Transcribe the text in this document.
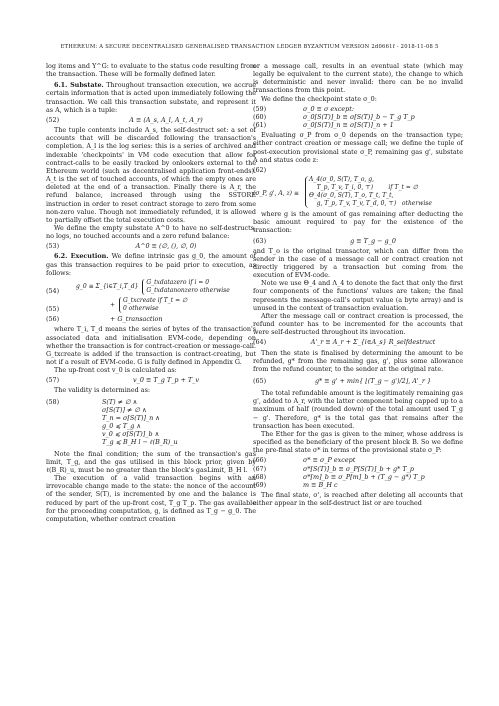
ETHEREUM: A SECURE DECENTRALISED GENERALISED TRANSACTION LEDGER BYZANTIUM VERSION 2d0661f - 2018-11-08 5

log items and Υ^G: to evaluate to the status code resulting from the transaction. These will be formally defined later.

6.1. Substate. Throughout transaction execution, we accrue certain information that is acted upon immediately following the transaction. We call this transaction substate, and represent it as A, which is a tuple:

(52)	A ≡ (A_s, A_l, A_t, A_r)

The tuple contents include A_s, the self-destruct set: a set of accounts that will be discarded following the transaction's completion. A_l is the log series: this is a series of archived and indexable 'checkpoints' in VM code execution that allow for contract-calls to be easily tracked by onlookers external to the Ethereum world (such as decentralised application front-ends). A_t is the set of touched accounts, of which the empty ones are deleted at the end of a transaction. Finally there is A_r, the refund balance, increased through using the SSTORE instruction in order to reset contract storage to zero from some non-zero value. Though not immediately refunded, it is allowed to partially offset the total execution costs.

We define the empty substate A^0 to have no self-destructs, no logs, no touched accounts and a zero refund balance:

(53)	A^0 ≡ (∅, (), ∅, 0)

6.2. Execution. We define intrinsic gas g_0, the amount of gas this transaction requires to be paid prior to execution, as follows:

(54)
g_0 ≡ Σ_{i∈T_i,T_d}
G_txdatazero if i = 0
G_txdatanonzero otherwise
(55)	+
G_txcreate if T_t = ∅
0 otherwise
(56)	+ G_transaction

where T_i, T_d means the series of bytes of the transaction's associated data and initialisation EVM-code, depending on whether the transaction is for contract-creation or message-call. G_txcreate is added if the transaction is contract-creating, but not if a result of EVM-code. G is fully defined in Appendix G.

The up-front cost v_0 is calculated as:

(57)	v_0 ≡ T_g T_p + T_v

The validity is determined as:

(58)	S(T) ≠ ∅ ∧
σ[S(T)] ≠ ∅ ∧
T_n = σ[S(T)]_n ∧
g_0 ⩽ T_g ∧
v_0 ⩽ σ[S(T)]_b ∧
T_g ⩽ B_H l − ℓ(B_R)_u

Note the final condition; the sum of the transaction's gas limit, T_g, and the gas utilised in this block prior, given by ℓ(B_R)_u, must be no greater than the block's gasLimit, B_H l.

The execution of a valid transaction begins with an irrevocable change made to the state: the nonce of the account of the sender, S(T), is incremented by one and the balance is reduced by part of the up-front cost, T_g T_p. The gas available for the proceeding computation, g, is defined as T_g − g_0. The computation, whether contract creation

or a message call, results in an eventual state (which may legally be equivalent to the current state), the change to which is deterministic and never invalid: there can be no invalid transactions from this point.

We define the checkpoint state σ_0:

(59)	σ_0 ≡ σ except:
(60)	σ_0[S(T)]_b ≡ σ[S(T)]_b − T_g T_p
(61)	σ_0[S(T)]_n ≡ σ[S(T)]_n + 1

Evaluating σ_P from σ_0 depends on the transaction type; either contract creation or message call; we define the tuple of post-execution provisional state σ_P, remaining gas g', substate A and status code z:

(62)
(σ_P, g', A, z) ≡
Λ_4(σ_0, S(T), T_o, g,
T_p, T_v, T_i, 0, ⊤)        if T_t = ∅
Θ_4(σ_0, S(T), T_o, T_t, T_t,
g, T_p, T_v, T_v, T_d, 0, ⊤)   otherwise

where g is the amount of gas remaining after deducting the basic amount required to pay for the existence of the transaction:

(63)	g ≡ T_g − g_0

and T_o is the original transactor, which can differ from the sender in the case of a message call or contract creation not directly triggered by a transaction but coming from the execution of EVM-code.

Note we use Θ_4 and Λ_4 to denote the fact that only the first four components of the functions' values are taken; the final represents the message-call's output value (a byte array) and is unused in the context of transaction evaluation.

After the message call or contract creation is processed, the refund counter has to be incremented for the accounts that were self-destructed throughout its invocation.

(64)	A'_r ≡ A_r + Σ_{i∈A_s} R_selfdestruct

Then the state is finalised by determining the amount to be refunded, g* from the remaining gas, g', plus some allowance from the refund counter, to the sender at the original rate.

(65)	g* ≡ g' + min{ ⌊(T_g − g')/2⌋, A'_r }

The total refundable amount is the legitimately remaining gas g', added to A_r, with the latter component being capped up to a maximum of half (rounded down) of the total amount used T_g − g'. Therefore, g* is the total gas that remains after the transaction has been executed.

The Ether for the gas is given to the miner, whose address is specified as the beneficiary of the present block B. So we define the pre-final state σ* in terms of the provisional state σ_P:

(66)	σ* ≡ σ_P except
(67)	σ*[S(T)]_b ≡ σ_P[S(T)]_b + g* T_p
(68)	σ*[m]_b ≡ σ_P[m]_b + (T_g − g*) T_p
(69)	m ≡ B_H c

The final state, σ', is reached after deleting all accounts that either appear in the self-destruct list or are touched
